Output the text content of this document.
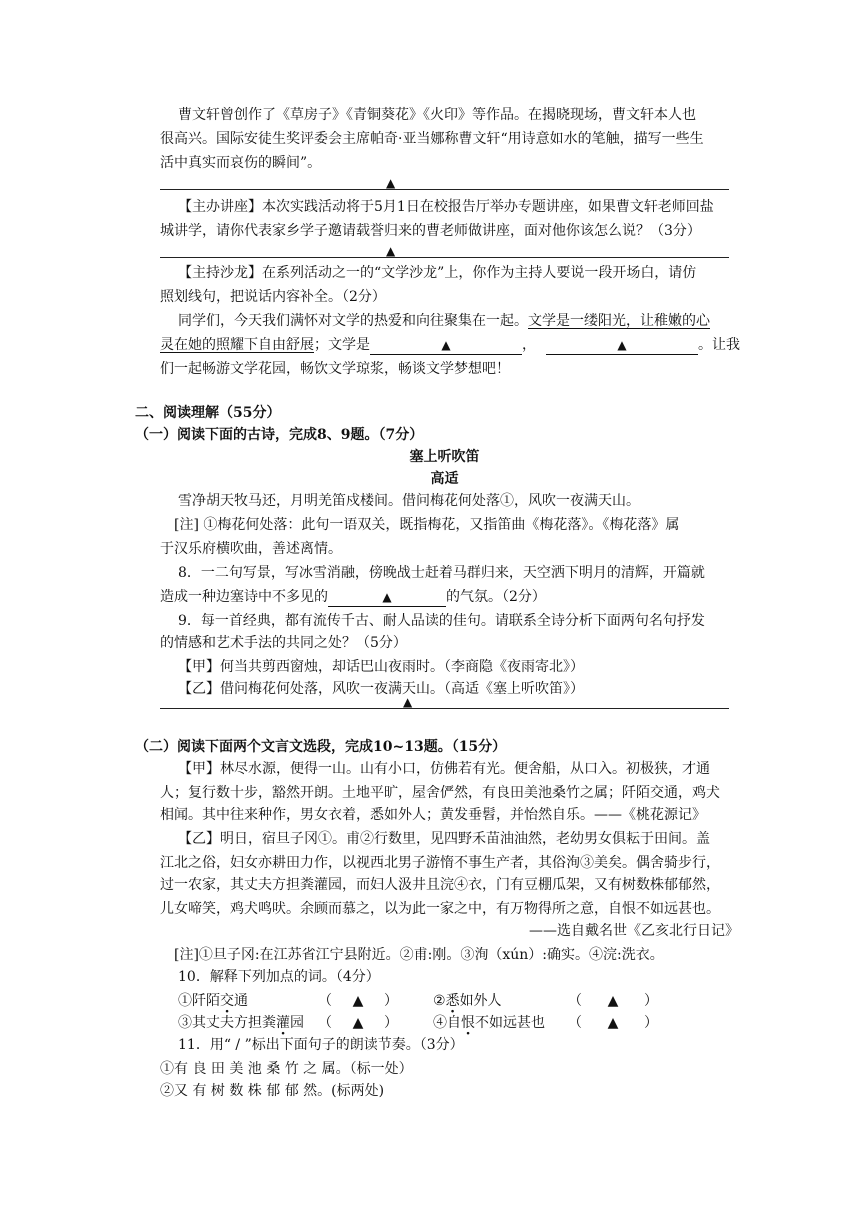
曹文轩曾创作了《草房子》《青铜葵花》《火印》等作品。在揭晓现场，曹文轩本人也
很高兴。国际安徒生奖评委会主席帕奇·亚当娜称曹文轩“用诗意如水的笔触，描写一些生
活中真实而哀伤的瞬间”。
▲
【主办讲座】本次实践活动将于5月1日在校报告厅举办专题讲座，如果曹文轩老师回盐
城讲学，请你代表家乡学子邀请载誉归来的曹老师做讲座，面对他你该怎么说？（3分）
▲
【主持沙龙】在系列活动之一的“文学沙龙”上，你作为主持人要说一段开场白，请仿
照划线句，把说话内容补全。（2分）
同学们，今天我们满怀对文学的热爱和向往聚集在一起。文学是一缕阳光，让稚嫩的心
灵在她的照耀下自由舒展；文学是	▲	，	▲	。让我
们一起畅游文学花园，畅饮文学琼浆，畅谈文学梦想吧！
二、阅读理解（55分）
（一）阅读下面的古诗，完成8、9题。（7分）
塞上听吹笛
高适
雪净胡天牧马还，月明羌笛戍楼间。借问梅花何处落①，风吹一夜满天山。
[注] ①梅花何处落：此句一语双关，既指梅花，又指笛曲《梅花落》。《梅花落》属
于汉乐府横吹曲，善述离情。
8．一二句写景，写冰雪消融，傍晚战士赶着马群归来，天空洒下明月的清辉，开篇就
造成一种边塞诗中不多见的	▲	的气氛。（2分）
9．每一首经典，都有流传千古、耐人品读的佳句。请联系全诗分析下面两句名句抒发
的情感和艺术手法的共同之处？（5分）
【甲】何当共剪西窗烛，却话巴山夜雨时。（李商隐《夜雨寄北》）
【乙】借问梅花何处落，风吹一夜满天山。（高适《塞上听吹笛》）
▲
（二）阅读下面两个文言文选段，完成10~13题。（15分）
【甲】林尽水源，便得一山。山有小口，仿佛若有光。便舍船，从口入。初极狭，才通
人；复行数十步，豁然开朗。土地平旷，屋舍俨然，有良田美池桑竹之属；阡陌交通，鸡犬
相闻。其中往来种作，男女衣着，悉如外人；黄发垂髫，并怡然自乐。——《桃花源记》
【乙】明日，宿旦子冈①。甫②行数里，见四野禾苗油油然，老幼男女俱耘于田间。盖
江北之俗，妇女亦耕田力作，以视西北男子游惰不事生产者，其俗洵③美矣。偶舍骑步行，
过一农家，其丈夫方担粪灌园，而妇人汲井且浣④衣，门有豆棚瓜架，又有树数株郁郁然，
儿女啼笑，鸡犬鸣吠。余顾而慕之，以为此一家之中，有万物得所之意，自恨不如远甚也。
——选自戴名世《乙亥北行日记》
[注]①旦子冈:在江苏省江宁县附近。②甫:刚。③洵（xún）:确实。④浣:洗衣。
10．解释下列加点的词。（4分）
①阡陌交通	（ ▲ ）	②悉如外人	（ ▲ ）
③其丈夫方担粪灌园 （ ▲ ）	④自恨不如远甚也 （ ▲ ）
11．用“ / ”标出下面句子的朗读节奏。（3分）
①有 良 田 美 池 桑 竹 之 属。（标一处）
②又 有 树 数 株 郁 郁 然。(标两处)
